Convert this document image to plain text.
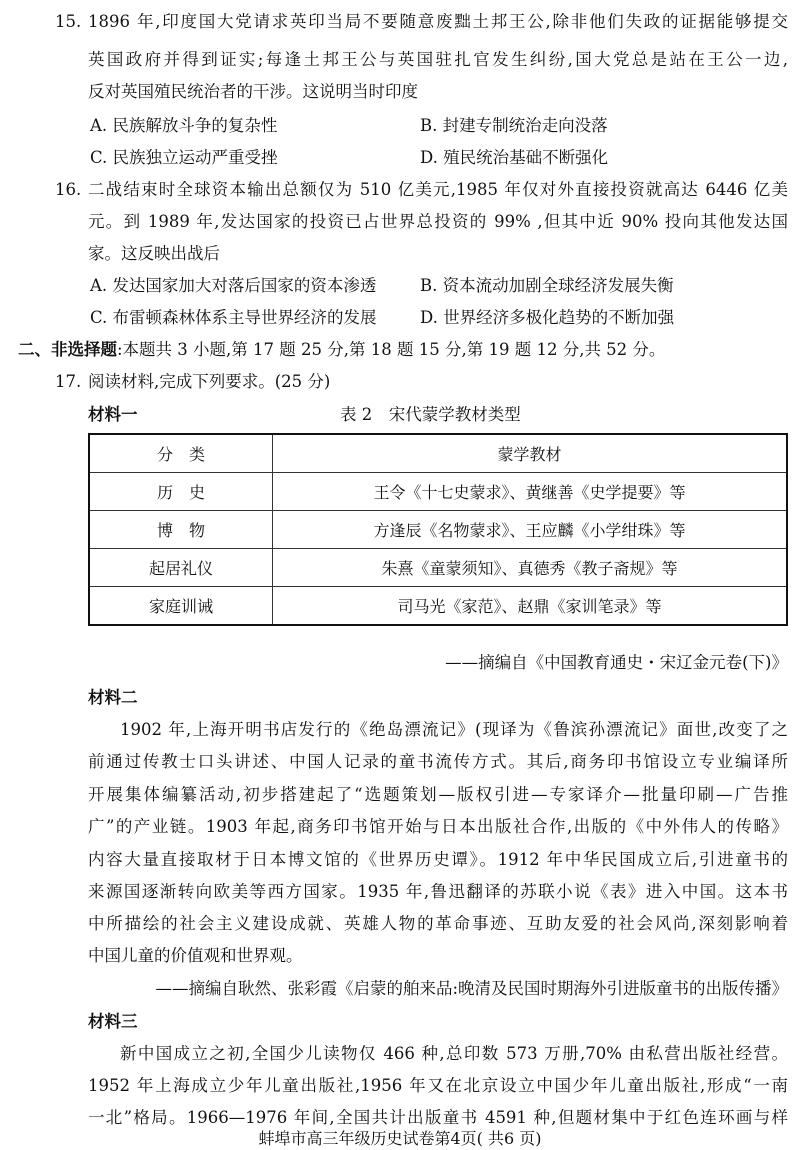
15. 1896 年,印度国大党请求英印当局不要随意废黜土邦王公,除非他们失政的证据能够提交
英国政府并得到证实;每逢土邦王公与英国驻扎官发生纠纷,国大党总是站在王公一边,
反对英国殖民统治者的干涉。这说明当时印度
A. 民族解放斗争的复杂性	B. 封建专制统治走向没落
C. 民族独立运动严重受挫	D. 殖民统治基础不断强化
16. 二战结束时全球资本输出总额仅为 510 亿美元,1985 年仅对外直接投资就高达 6446 亿美
元。到 1989 年,发达国家的投资已占世界总投资的 99% ,但其中近 90% 投向其他发达国
家。这反映出战后
A. 发达国家加大对落后国家的资本渗透	B. 资本流动加剧全球经济发展失衡
C. 布雷顿森林体系主导世界经济的发展	D. 世界经济多极化趋势的不断加强
二、非选择题:本题共 3 小题,第 17 题 25 分,第 18 题 15 分,第 19 题 12 分,共 52 分。
17. 阅读材料,完成下列要求。(25 分)
材料一	表 2　宋代蒙学教材类型
分　类	蒙学教材
历　史	王令《十七史蒙求》、黄继善《史学提要》等
博　物	方逢辰《名物蒙求》、王应麟《小学绀珠》等
起居礼仪	朱熹《童蒙须知》、真德秀《教子斋规》等
家庭训诫	司马光《家范》、赵鼎《家训笔录》等
——摘编自《中国教育通史・宋辽金元卷(下)》
材料二
1902 年,上海开明书店发行的《绝岛漂流记》(现译为《鲁滨孙漂流记》面世,改变了之
前通过传教士口头讲述、中国人记录的童书流传方式。其后,商务印书馆设立专业编译所
开展集体编纂活动,初步搭建起了“选题策划—版权引进—专家译介—批量印刷—广告推
广”的产业链。1903 年起,商务印书馆开始与日本出版社合作,出版的《中外伟人的传略》
内容大量直接取材于日本博文馆的《世界历史谭》。1912 年中华民国成立后,引进童书的
来源国逐渐转向欧美等西方国家。1935 年,鲁迅翻译的苏联小说《表》进入中国。这本书
中所描绘的社会主义建设成就、英雄人物的革命事迹、互助友爱的社会风尚,深刻影响着
中国儿童的价值观和世界观。
——摘编自耿然、张彩霞《启蒙的舶来品:晚清及民国时期海外引进版童书的出版传播》
材料三
新中国成立之初,全国少儿读物仅 466 种,总印数 573 万册,70% 由私营出版社经营。
1952 年上海成立少年儿童出版社,1956 年又在北京设立中国少年儿童出版社,形成“一南
一北”格局。1966—1976 年间,全国共计出版童书 4591 种,但题材集中于红色连环画与样
蚌埠市高三年级历史试卷第4页( 共6 页)
